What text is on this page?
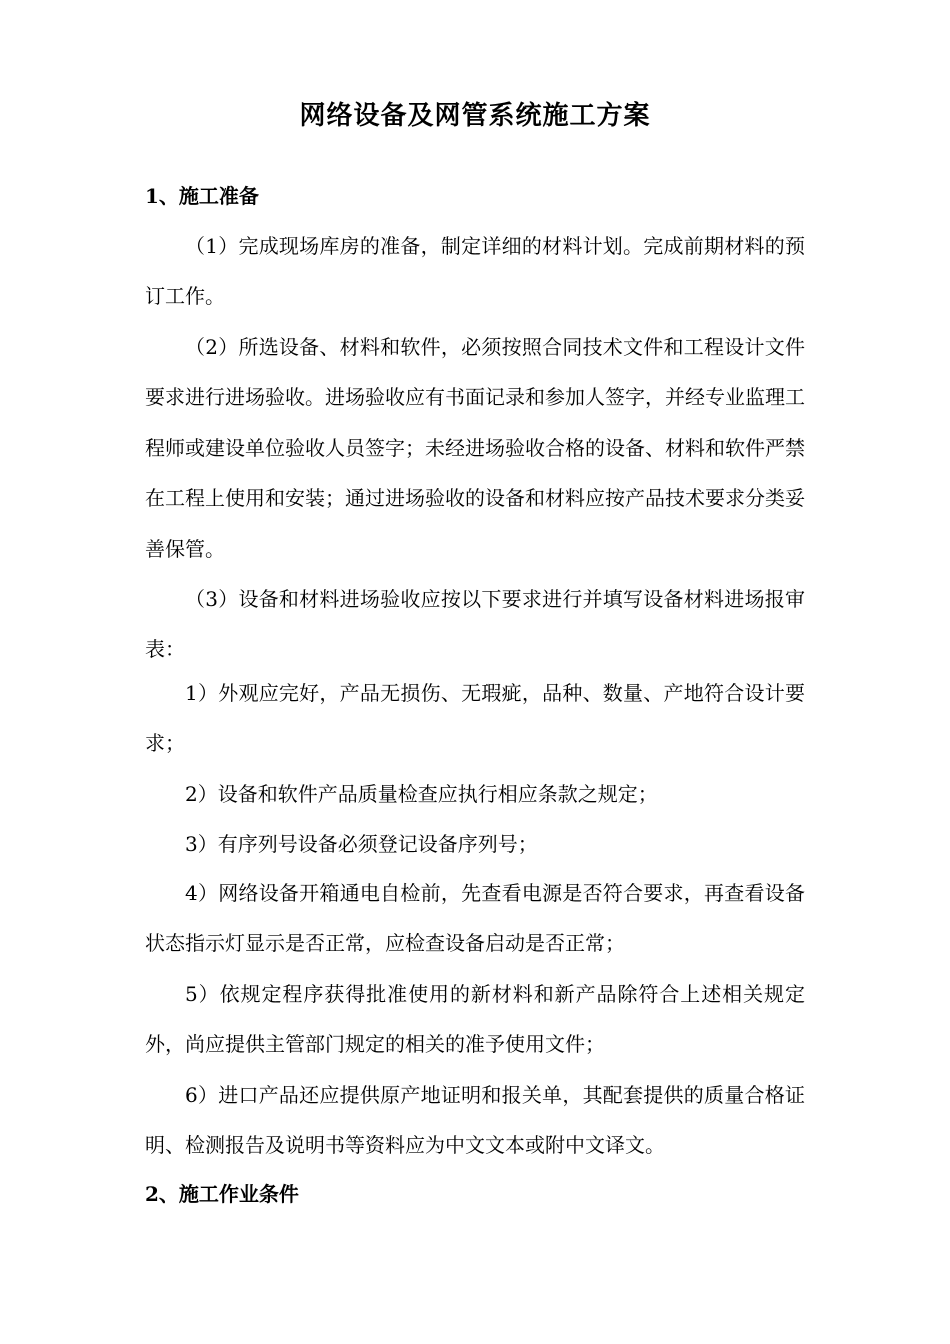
网络设备及网管系统施工方案
1、施工准备

（1）完成现场库房的准备，制定详细的材料计划。完成前期材料的预订工作。

（2）所选设备、材料和软件，必须按照合同技术文件和工程设计文件要求进行进场验收。进场验收应有书面记录和参加人签字，并经专业监理工程师或建设单位验收人员签字；未经进场验收合格的设备、材料和软件严禁在工程上使用和安装；通过进场验收的设备和材料应按产品技术要求分类妥善保管。

（3）设备和材料进场验收应按以下要求进行并填写设备材料进场报审表：

1）外观应完好，产品无损伤、无瑕疵，品种、数量、产地符合设计要求；

2）设备和软件产品质量检查应执行相应条款之规定；

3）有序列号设备必须登记设备序列号；

4）网络设备开箱通电自检前，先查看电源是否符合要求，再查看设备状态指示灯显示是否正常，应检查设备启动是否正常；

5）依规定程序获得批准使用的新材料和新产品除符合上述相关规定外，尚应提供主管部门规定的相关的准予使用文件；

6）进口产品还应提供原产地证明和报关单，其配套提供的质量合格证明、检测报告及说明书等资料应为中文文本或附中文译文。

2、施工作业条件
